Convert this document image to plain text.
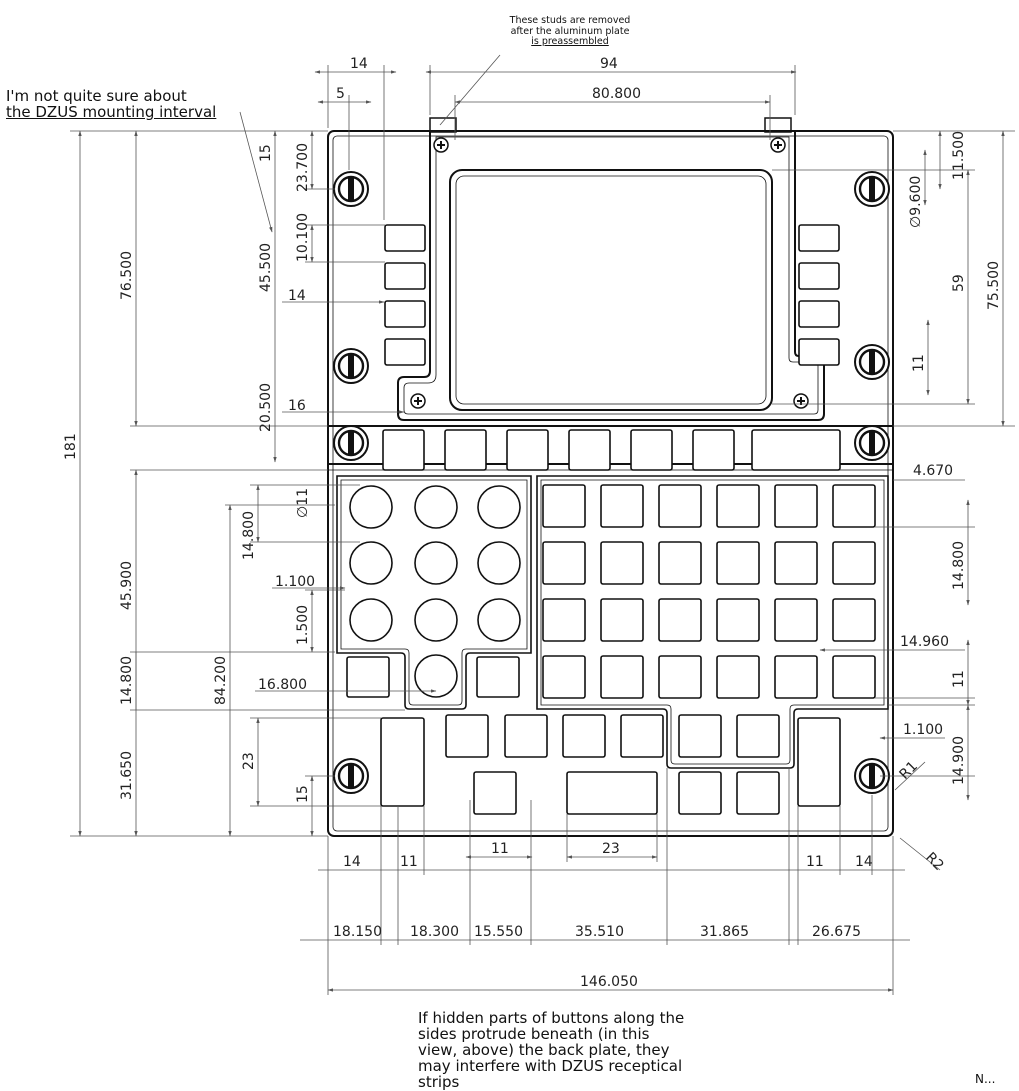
14	94
5	80.800
181
76.500
45.900
14.800
31.650
84.200
14.800
23
45.500
20.500
15 23.700
10.100
∅11
1.500
15
14
16
1.100
16.800
11.500
∅9.600
59 75.500
11
4.670
14.800
14.960
11
1.100
14.900
R1
R2
14	11
11	23
11 14
18.150 18.300 15.550	35.510	31.865	26.675
146.050
I'm not quite sure about
the DZUS mounting interval
These studs are removed
after the aluminum plate
is preassembled
If hidden parts of buttons along the
sides protrude beneath (in this
view, above) the back plate, they
may interfere with DZUS receptical
strips	N...
